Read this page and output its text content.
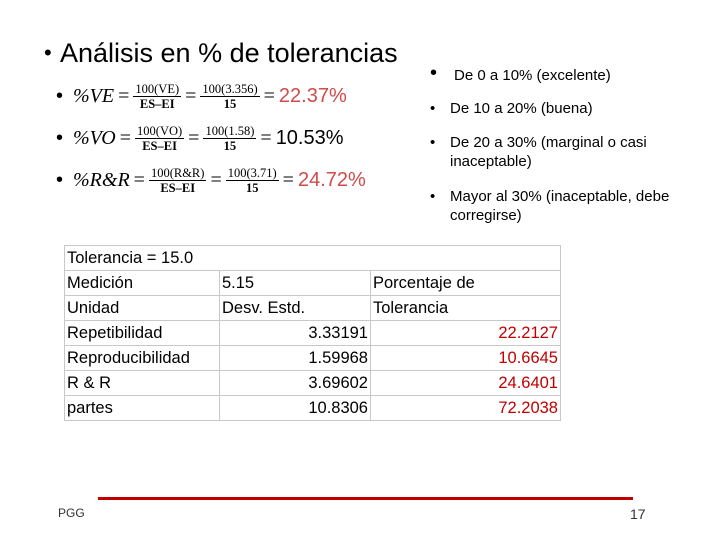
• Análisis en % de tolerancias
• $\%VE = \frac{100(VE)}{ES-EI} = \frac{100(3.356)}{15} = 22.37\%$
• $\%VO = \frac{100(VO)}{ES-EI} = \frac{100(1.58)}{15} = 10.53\%$
• %R&R = $\frac{100(R\&R)}{ES-EI} = \frac{100(3.71)}{15} = 24.72\%$
•	De 0 a 10% (excelente)
• De 10 a 20% (buena)
• De 20 a 30% (marginal o casi inaceptable)
• Mayor al 30% (inaceptable, debe corregirse)
Tolerancia = 15.0		
Medición	5.15	Porcentaje de
Unidad	Desv. Estd.	Tolerancia
Repetibilidad	3.33191	22.2127
Reproducibilidad	1.59968	10.6645
R & R	3.69602	24.6401
partes	10.8306	72.2038
PGG	17
